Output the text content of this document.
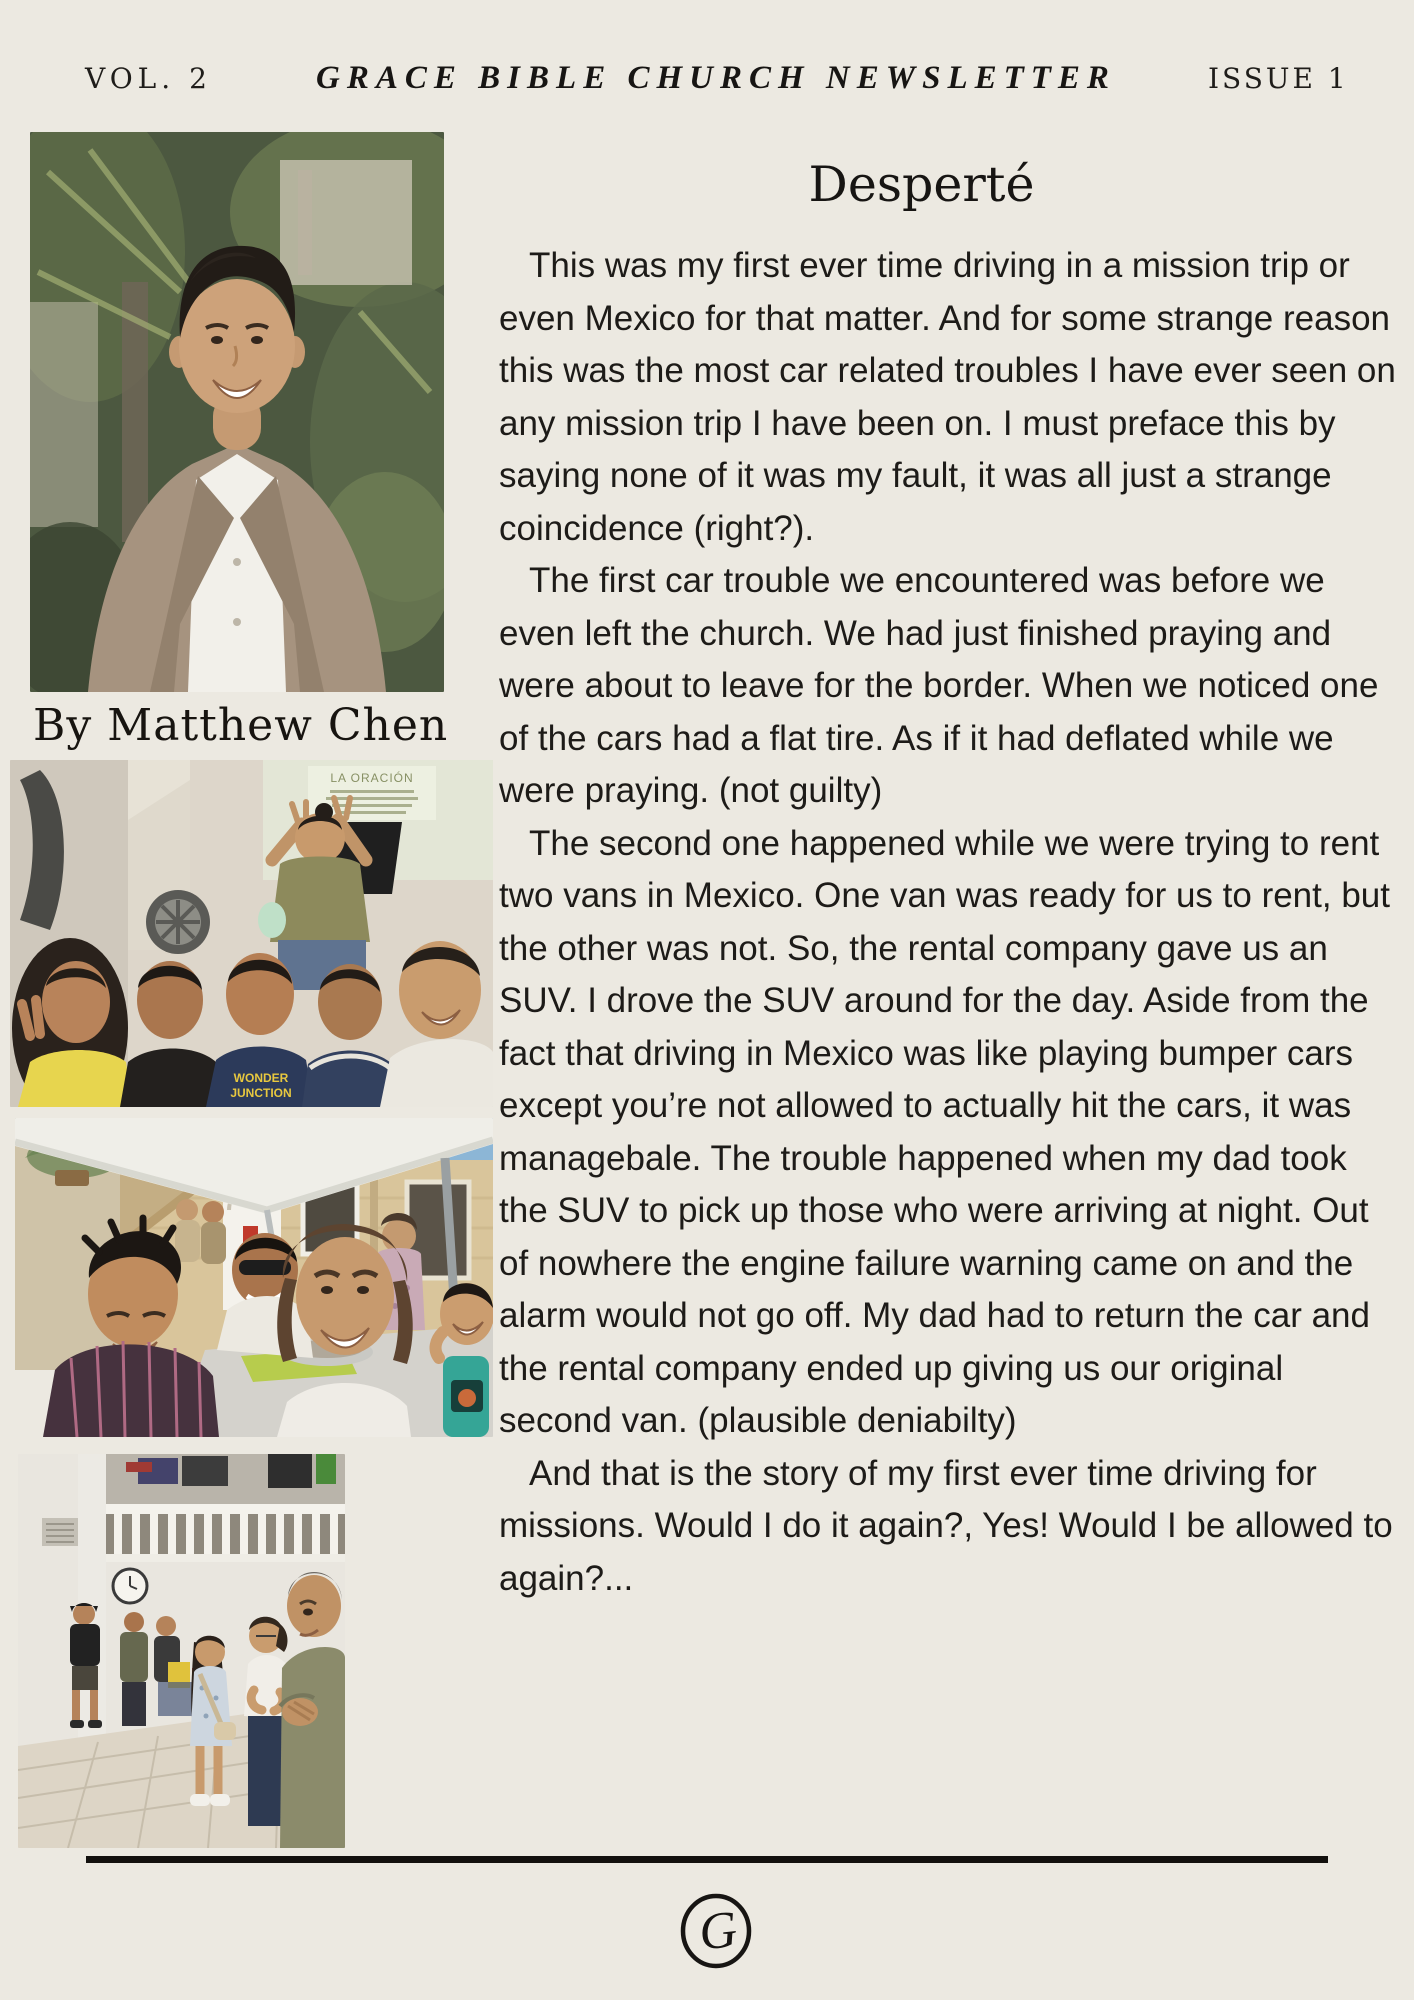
VOL. 2	GRACE BIBLE CHURCH NEWSLETTER	ISSUE 1
By Matthew Chen
LA ORACIÓN
WONDER
JUNCTION
Desperté

This was my first ever time driving in a mission trip or even Mexico for that matter. And for some strange reason this was the most car related troubles I have ever seen on any mission trip I have been on. I must preface this by saying none of it was my fault, it was all just a strange coincidence (right?).

The first car trouble we encountered was before we even left the church. We had just finished praying and were about to leave for the border. When we noticed one of the cars had a flat tire. As if it had deflated while we were praying. (not guilty)

The second one happened while we were trying to rent two vans in Mexico. One van was ready for us to rent, but the other was not. So, the rental company gave us an SUV. I drove the SUV around for the day. Aside from the fact that driving in Mexico was like playing bumper cars except you’re not allowed to actually hit the cars, it was managebale. The trouble happened when my dad took the SUV to pick up those who were arriving at night. Out of nowhere the engine failure warning came on and the alarm would not go off. My dad had to return the car and the rental company ended up giving us our original second van. (plausible deniabilty)

And that is the story of my first ever time driving for missions. Would I do it again?, Yes! Would I be allowed to again?...

G
